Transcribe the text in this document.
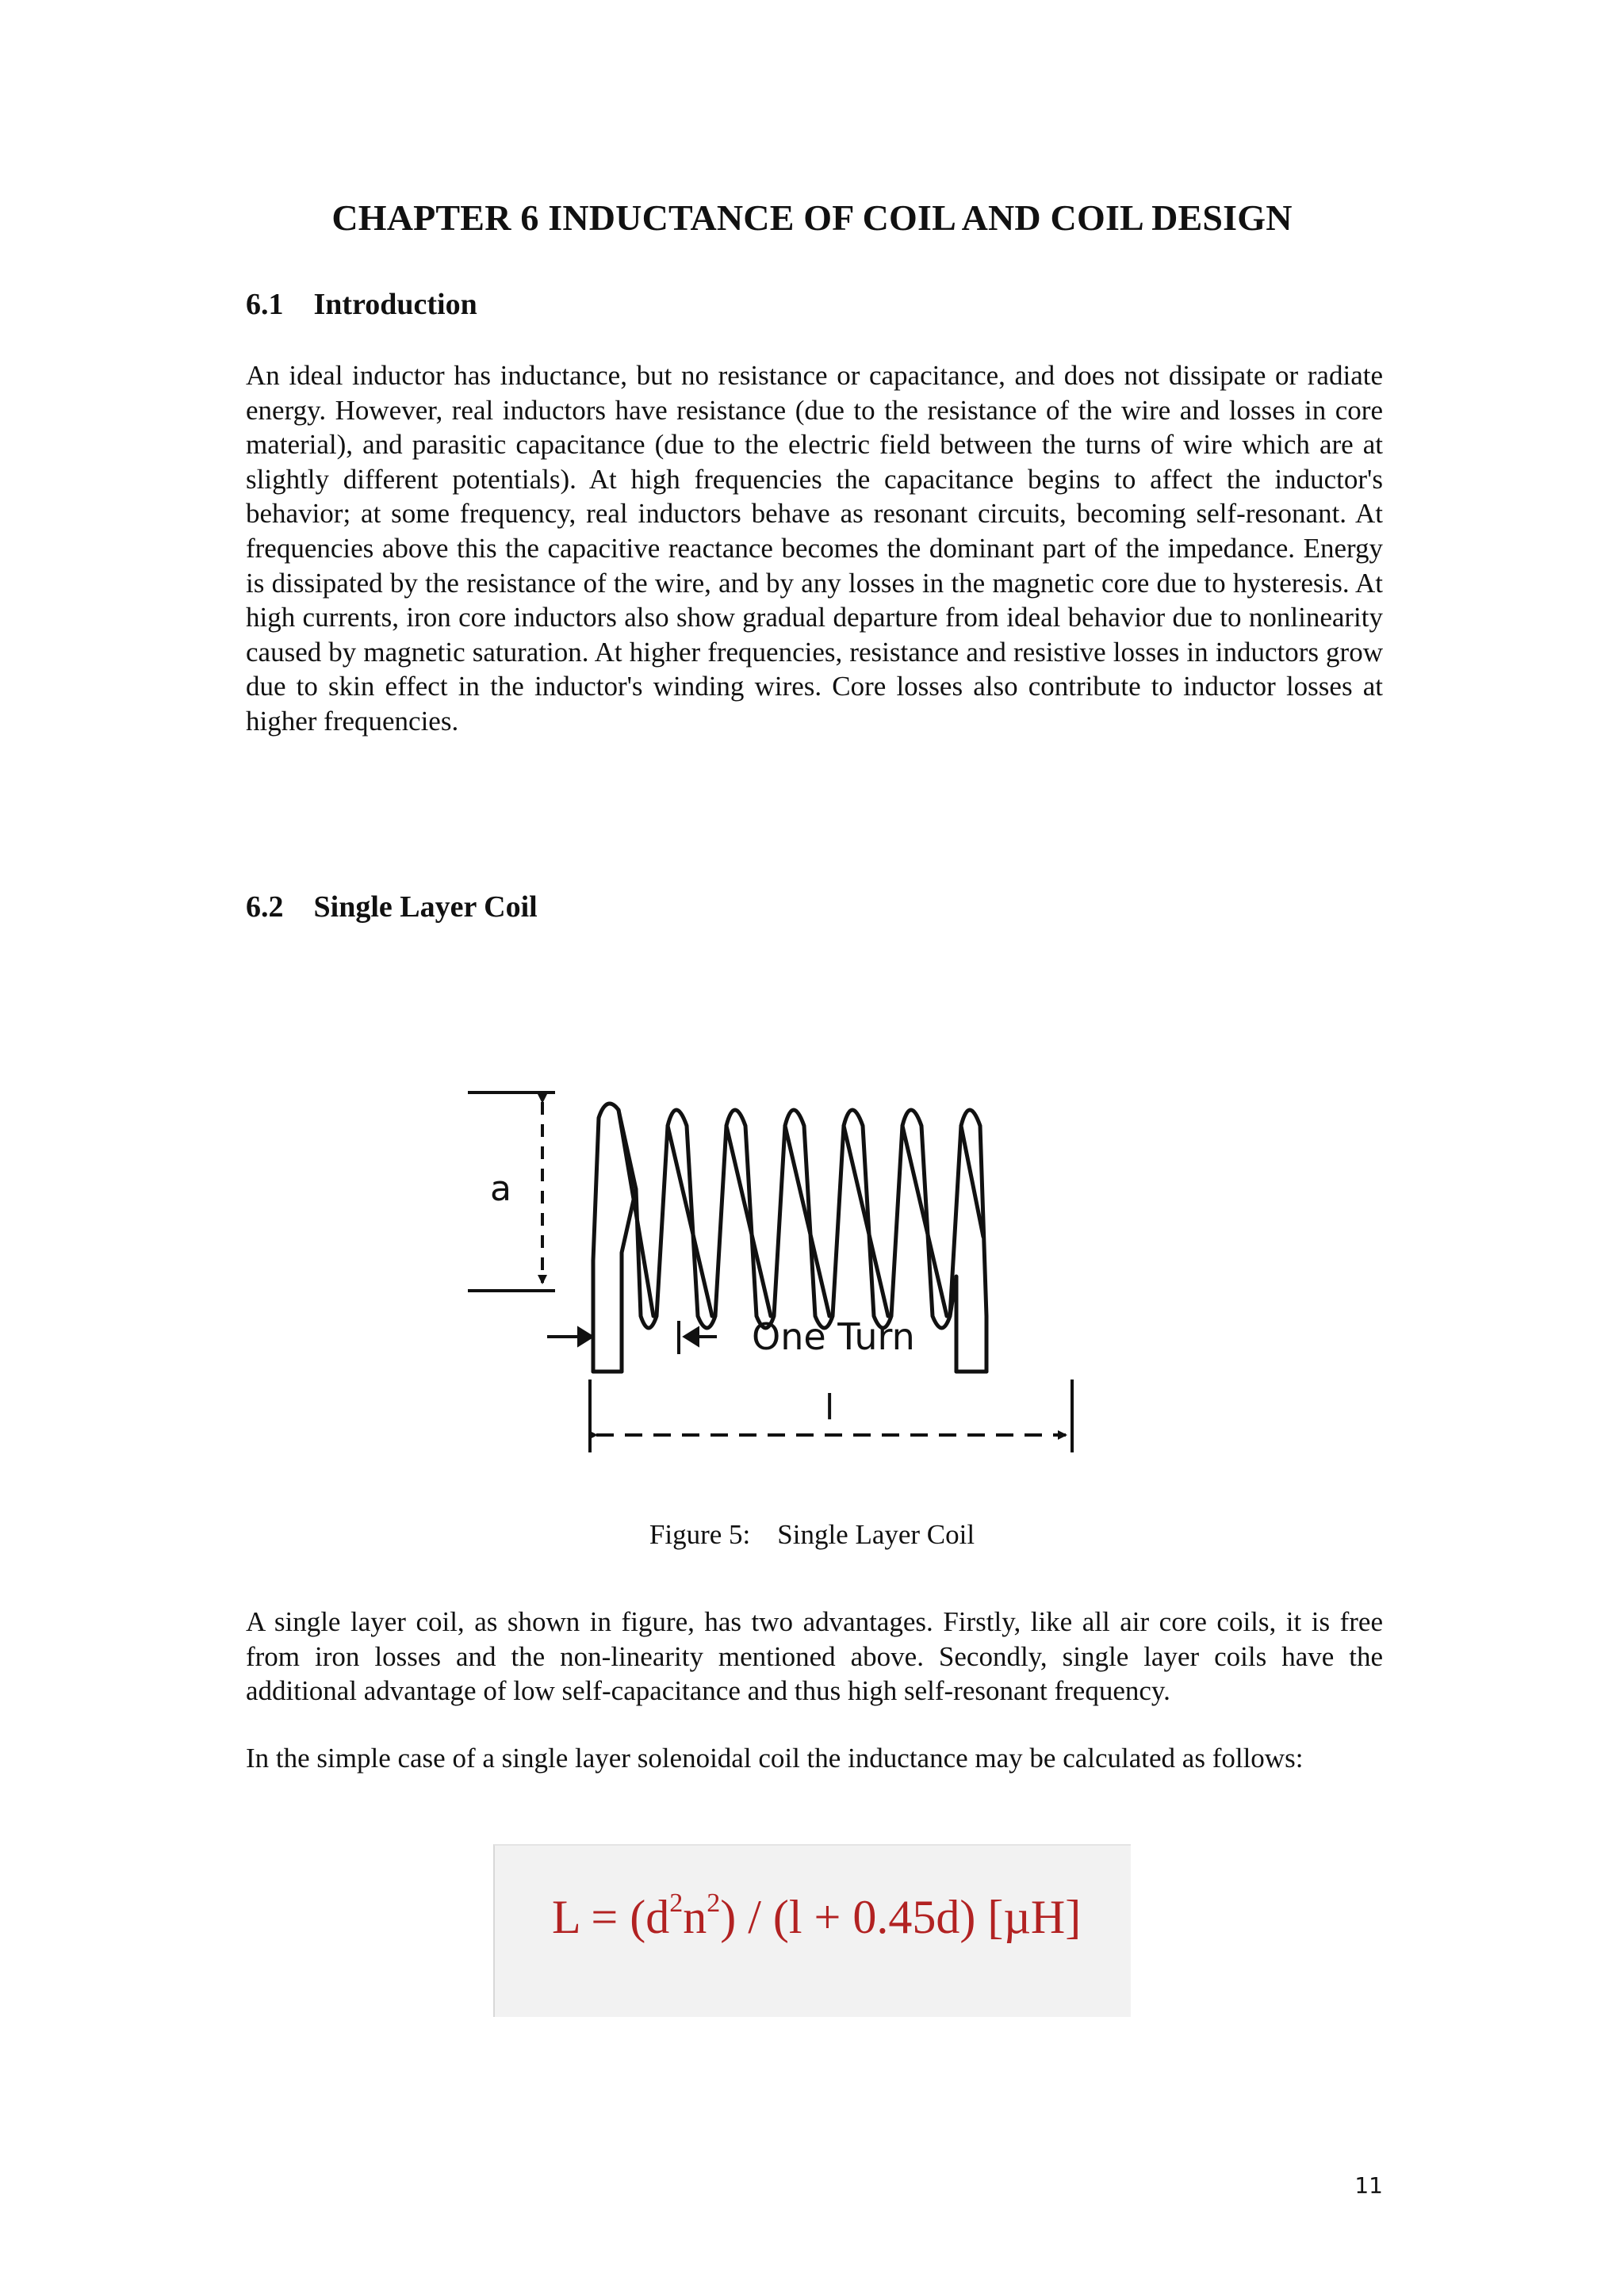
CHAPTER 6 INDUCTANCE OF COIL AND COIL DESIGN
6.1 Introduction

An ideal inductor has inductance, but no resistance or capacitance, and does not dissipate or radiate energy. However, real inductors have resistance (due to the resistance of the wire and losses in core material), and parasitic capacitance (due to the electric field between the turns of wire which are at slightly different potentials). At high frequencies the capacitance begins to affect the inductor's behavior; at some frequency, real inductors behave as resonant circuits, becoming self-resonant. At frequencies above this the capacitive reactance becomes the dominant part of the impedance. Energy is dissipated by the resistance of the wire, and by any losses in the magnetic core due to hysteresis. At high currents, iron core inductors also show gradual departure from ideal behavior due to nonlinearity caused by magnetic saturation. At higher frequencies, resistance and resistive losses in inductors grow due to skin effect in the inductor's winding wires. Core losses also contribute to inductor losses at higher frequencies.

6.2 Single Layer Coil
a
One Turn
l

Figure 5: Single Layer Coil

A single layer coil, as shown in figure, has two advantages. Firstly, like all air core coils, it is free from iron losses and the non-linearity mentioned above. Secondly, single layer coils have the additional advantage of low self-capacitance and thus high self-resonant frequency.

In the simple case of a single layer solenoidal coil the inductance may be calculated as follows:

$L = (d^2n^2) / (l + 0.45d)$ [µH]

11
